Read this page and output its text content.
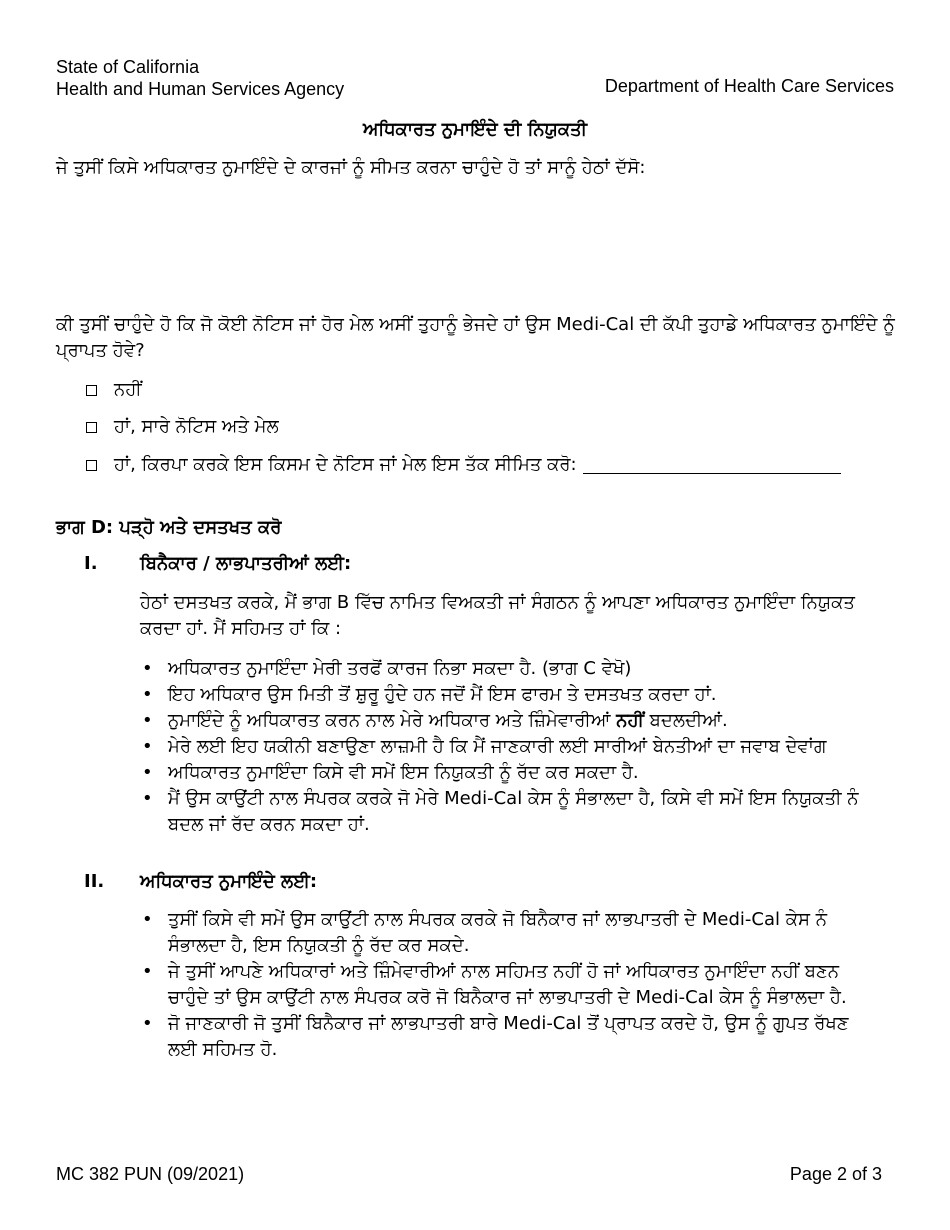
State of California
Health and Human Services Agency	Department of Health Care Services
ਅਧਿਕਾਰਤ ਨੁਮਾਇੰਦੇ ਦੀ ਨਿਯੁਕਤੀ
ਜੇ ਤੁਸੀਂ ਕਿਸੇ ਅਧਿਕਾਰਤ ਨੁਮਾਇੰਦੇ ਦੇ ਕਾਰਜਾਂ ਨੂੰ ਸੀਮਤ ਕਰਨਾ ਚਾਹੁੰਦੇ ਹੋ ਤਾਂ ਸਾਨੂੰ ਹੇਠਾਂ ਦੱਸੋ:
ਕੀ ਤੁਸੀਂ ਚਾਹੁੰਦੇ ਹੋ ਕਿ ਜੋ ਕੋਈ ਨੋਟਿਸ ਜਾਂ ਹੋਰ ਮੇਲ ਅਸੀਂ ਤੁਹਾਨੂੰ ਭੇਜਦੇ ਹਾਂ ਉਸ Medi-Cal ਦੀ ਕੱਪੀ ਤੁਹਾਡੇ ਅਧਿਕਾਰਤ ਨੁਮਾਇੰਦੇ ਨੂੰ ਪ੍ਰਾਪਤ ਹੋਵੇ?
ਨਹੀਂ
ਹਾਂ, ਸਾਰੇ ਨੋਟਿਸ ਅਤੇ ਮੇਲ
ਹਾਂ, ਕਿਰਪਾ ਕਰਕੇ ਇਸ ਕਿਸਮ ਦੇ ਨੋਟਿਸ ਜਾਂ ਮੇਲ ਇਸ ਤੱਕ ਸੀਮਿਤ ਕਰੋ:
ਭਾਗ D: ਪੜ੍ਹੋ ਅਤੇ ਦਸਤਖਤ ਕਰੋ
I. ਬਿਨੈਕਾਰ / ਲਾਭਪਾਤਰੀਆਂ ਲਈ:
ਹੇਠਾਂ ਦਸਤਖਤ ਕਰਕੇ, ਮੈਂ ਭਾਗ B ਵਿੱਚ ਨਾਮਿਤ ਵਿਅਕਤੀ ਜਾਂ ਸੰਗਠਨ ਨੂੰ ਆਪਣਾ ਅਧਿਕਾਰਤ ਨੁਮਾਇੰਦਾ ਨਿਯੁਕਤ ਕਰਦਾ ਹਾਂ. ਮੈਂ ਸਹਿਮਤ ਹਾਂ ਕਿ :
• ਅਧਿਕਾਰਤ ਨੁਮਾਇੰਦਾ ਮੇਰੀ ਤਰਫੋਂ ਕਾਰਜ ਨਿਭਾ ਸਕਦਾ ਹੈ. (ਭਾਗ C ਵੇਖੋ)
• ਇਹ ਅਧਿਕਾਰ ਉਸ ਮਿਤੀ ਤੋਂ ਸ਼ੁਰੂ ਹੁੰਦੇ ਹਨ ਜਦੋਂ ਮੈਂ ਇਸ ਫਾਰਮ ਤੇ ਦਸਤਖਤ ਕਰਦਾ ਹਾਂ.
• ਨੁਮਾਇੰਦੇ ਨੂੰ ਅਧਿਕਾਰਤ ਕਰਨ ਨਾਲ ਮੇਰੇ ਅਧਿਕਾਰ ਅਤੇ ਜ਼ਿੰਮੇਵਾਰੀਆਂ ਨਹੀਂ ਬਦਲਦੀਆਂ.
• ਮੇਰੇ ਲਈ ਇਹ ਯਕੀਨੀ ਬਣਾਉਣਾ ਲਾਜ਼ਮੀ ਹੈ ਕਿ ਮੈਂ ਜਾਣਕਾਰੀ ਲਈ ਸਾਰੀਆਂ ਬੇਨਤੀਆਂ ਦਾ ਜਵਾਬ ਦੇਵਾਂਗ
• ਅਧਿਕਾਰਤ ਨੁਮਾਇੰਦਾ ਕਿਸੇ ਵੀ ਸਮੇਂ ਇਸ ਨਿਯੁਕਤੀ ਨੂੰ ਰੱਦ ਕਰ ਸਕਦਾ ਹੈ.
• ਮੈਂ ਉਸ ਕਾਉਂਟੀ ਨਾਲ ਸੰਪਰਕ ਕਰਕੇ ਜੋ ਮੇਰੇ Medi-Cal ਕੇਸ ਨੂੰ ਸੰਭਾਲਦਾ ਹੈ, ਕਿਸੇ ਵੀ ਸਮੇਂ ਇਸ ਨਿਯੁਕਤੀ ਨੰ ਬਦਲ ਜਾਂ ਰੱਦ ਕਰਨ ਸਕਦਾ ਹਾਂ.
II. ਅਧਿਕਾਰਤ ਨੁਮਾਇੰਦੇ ਲਈ:
• ਤੁਸੀਂ ਕਿਸੇ ਵੀ ਸਮੇਂ ਉਸ ਕਾਉਂਟੀ ਨਾਲ ਸੰਪਰਕ ਕਰਕੇ ਜੋ ਬਿਨੈਕਾਰ ਜਾਂ ਲਾਭਪਾਤਰੀ ਦੇ Medi-Cal ਕੇਸ ਨੰ ਸੰਭਾਲਦਾ ਹੈ, ਇਸ ਨਿਯੁਕਤੀ ਨੂੰ ਰੱਦ ਕਰ ਸਕਦੇ.
• ਜੇ ਤੁਸੀਂ ਆਪਣੇ ਅਧਿਕਾਰਾਂ ਅਤੇ ਜ਼ਿੰਮੇਵਾਰੀਆਂ ਨਾਲ ਸਹਿਮਤ ਨਹੀਂ ਹੋ ਜਾਂ ਅਧਿਕਾਰਤ ਨੁਮਾਇੰਦਾ ਨਹੀਂ ਬਣਨ ਚਾਹੁੰਦੇ ਤਾਂ ਉਸ ਕਾਉਂਟੀ ਨਾਲ ਸੰਪਰਕ ਕਰੋ ਜੋ ਬਿਨੈਕਾਰ ਜਾਂ ਲਾਭਪਾਤਰੀ ਦੇ Medi-Cal ਕੇਸ ਨੂੰ ਸੰਭਾਲਦਾ ਹੈ.
• ਜੋ ਜਾਣਕਾਰੀ ਜੋ ਤੁਸੀਂ ਬਿਨੈਕਾਰ ਜਾਂ ਲਾਭਪਾਤਰੀ ਬਾਰੇ Medi-Cal ਤੋਂ ਪ੍ਰਾਪਤ ਕਰਦੇ ਹੋ, ਉਸ ਨੂੰ ਗੁਪਤ ਰੱਖਣ ਲਈ ਸਹਿਮਤ ਹੋ.
MC 382 PUN (09/2021)	Page 2 of 3
